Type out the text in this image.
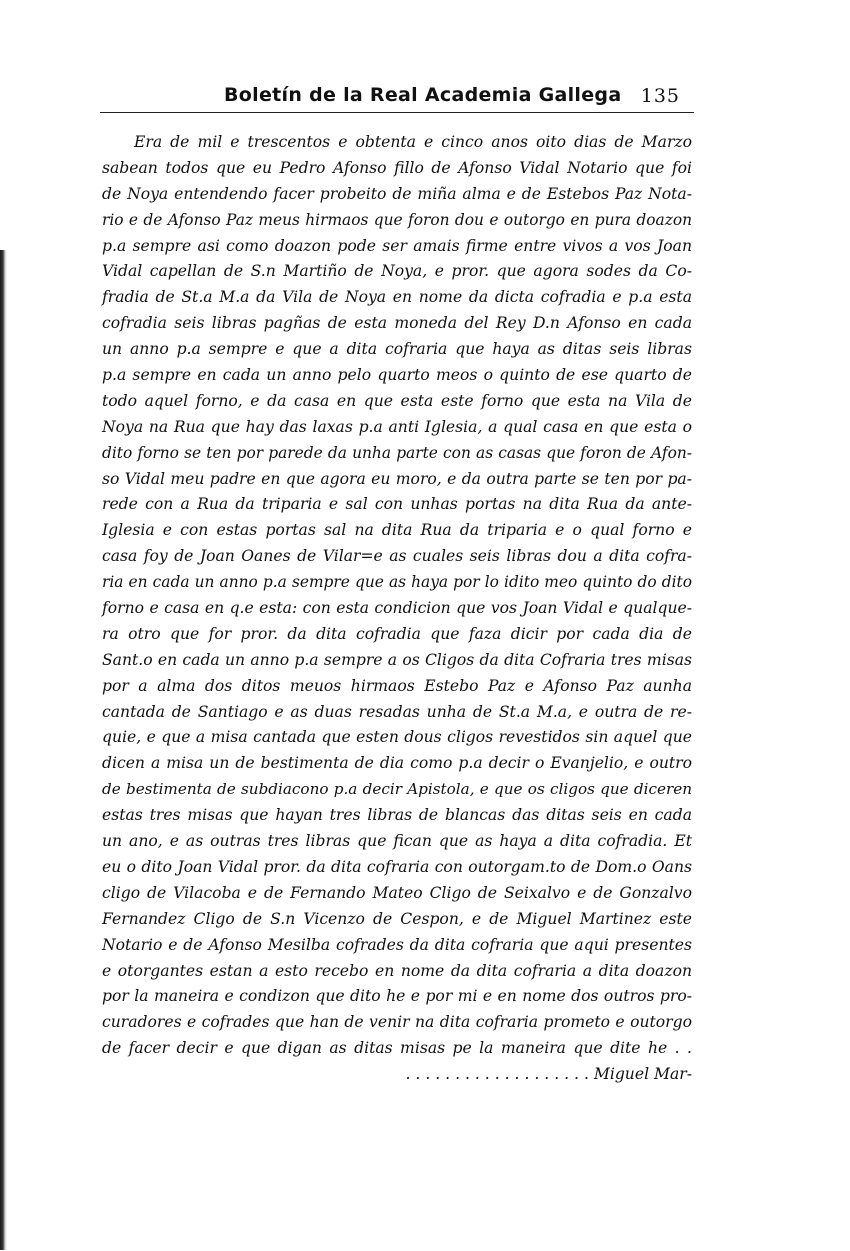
Boletín de la Real Academia Gallega 135
Era de mil e trescentos e obtenta e cinco anos oito dias de Marzo
sabean todos que eu Pedro Afonso fillo de Afonso Vidal Notario que foi
de Noya entendendo facer probeito de miña alma e de Estebos Paz Nota-
rio e de Afonso Paz meus hirmaos que foron dou e outorgo en pura doazon
p.a sempre asi como doazon pode ser amais firme entre vivos a vos Joan
Vidal capellan de S.n Martiño de Noya, e pror. que agora sodes da Co-
fradia de St.a M.a da Vila de Noya en nome da dicta cofradia e p.a esta
cofradia seis libras pagñas de esta moneda del Rey D.n Afonso en cada
un anno p.a sempre e que a dita cofraria que haya as ditas seis libras
p.a sempre en cada un anno pelo quarto meos o quinto de ese quarto de
todo aquel forno, e da casa en que esta este forno que esta na Vila de
Noya na Rua que hay das laxas p.a anti Iglesia, a qual casa en que esta o
dito forno se ten por parede da unha parte con as casas que foron de Afon-
so Vidal meu padre en que agora eu moro, e da outra parte se ten por pa-
rede con a Rua da triparia e sal con unhas portas na dita Rua da ante-
Iglesia e con estas portas sal na dita Rua da triparia e o qual forno e
casa foy de Joan Oanes de Vilar=e as cuales seis libras dou a dita cofra-
ria en cada un anno p.a sempre que as haya por lo idito meo quinto do dito
forno e casa en q.e esta: con esta condicion que vos Joan Vidal e qualque-
ra otro que for pror. da dita cofradia que faza dicir por cada dia de
Sant.o en cada un anno p.a sempre a os Cligos da dita Cofraria tres misas
por a alma dos ditos meuos hirmaos Estebo Paz e Afonso Paz aunha
cantada de Santiago e as duas resadas unha de St.a M.a, e outra de re-
quie, e que a misa cantada que esten dous cligos revestidos sin aquel que
dicen a misa un de bestimenta de dia como p.a decir o Evanjelio, e outro
de bestimenta de subdiacono p.a decir Apistola, e que os cligos que diceren
estas tres misas que hayan tres libras de blancas das ditas seis en cada
un ano, e as outras tres libras que fican que as haya a dita cofradia. Et
eu o dito Joan Vidal pror. da dita cofraria con outorgam.to de Dom.o Oans
cligo de Vilacoba e de Fernando Mateo Cligo de Seixalvo e de Gonzalvo
Fernandez Cligo de S.n Vicenzo de Cespon, e de Miguel Martinez este
Notario e de Afonso Mesilba cofrades da dita cofraria que aqui presentes
e otorgantes estan a esto recebo en nome da dita cofraria a dita doazon
por la maneira e condizon que dito he e por mi e en nome dos outros pro-
curadores e cofrades que han de venir na dita cofraria prometo e outorgo
de facer decir e que digan as ditas misas pe la maneira que dite he . .
. . . . . . . . . . . . . . . . . . . Miguel Mar-
